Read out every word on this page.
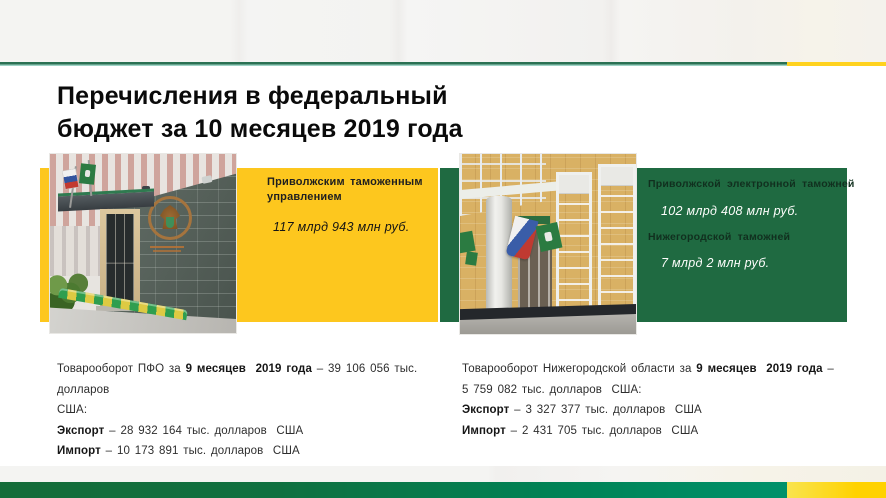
Перечисления в федеральный
бюджет за 10 месяцев 2019 года
Приволжским таможенным управлением
117 млрд 943 млн руб.
Приволжской электронной таможней
102 млрд 408 млн руб.
Нижегородской таможней
7 млрд 2 млн руб.
Товарооборот ПФО за 9 месяцев  2019 года – 39 106 056 тыс. долларов
США:
Экспорт – 28 932 164 тыс. долларов  США
Импорт – 10 173 891 тыс. долларов  США
Товарооборот Нижегородской области за 9 месяцев  2019 года –
5 759 082 тыс. долларов  США:
Экспорт – 3 327 377 тыс. долларов  США
Импорт – 2 431 705 тыс. долларов  США
